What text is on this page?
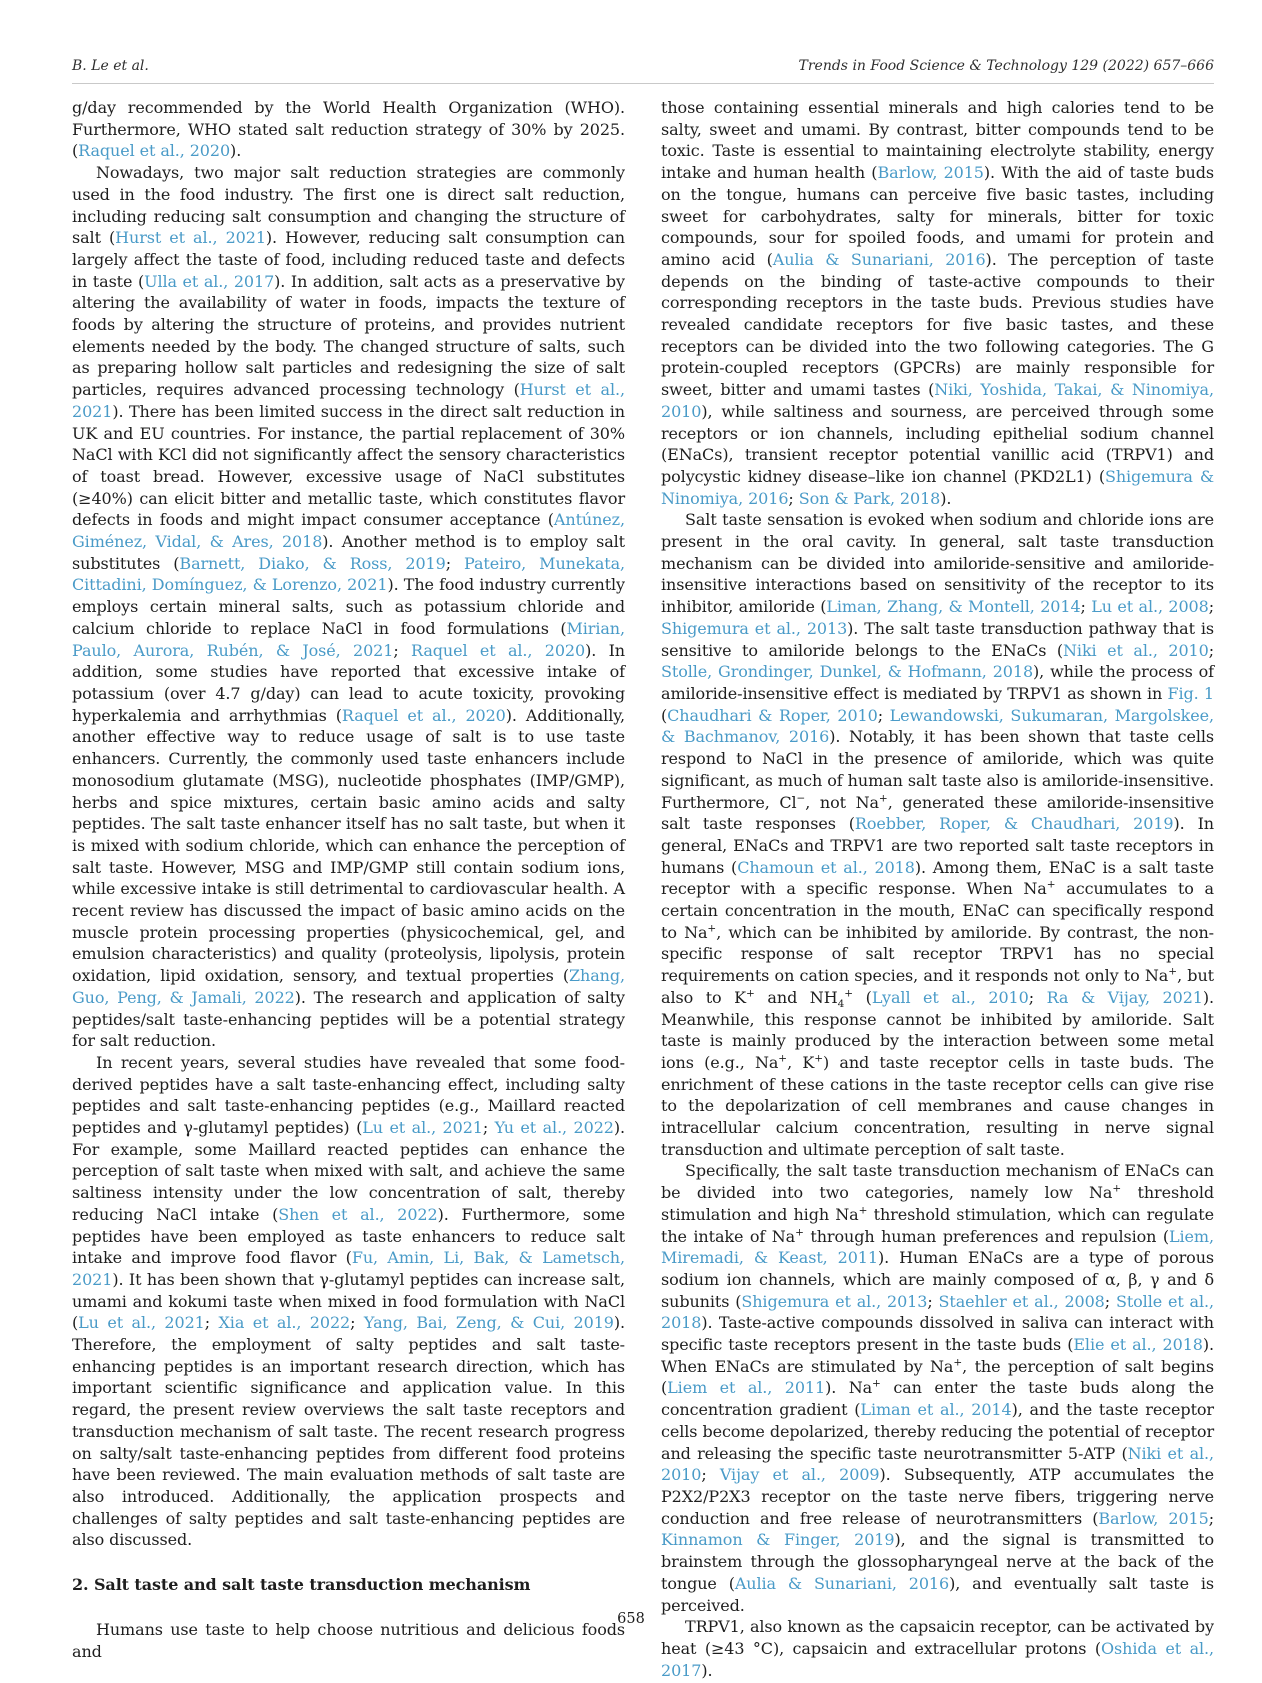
B. Le et al.	Trends in Food Science & Technology 129 (2022) 657–666

g/day recommended by the World Health Organization (WHO). Furthermore, WHO stated salt reduction strategy of 30% by 2025. (Raquel et al., 2020).

Nowadays, two major salt reduction strategies are commonly used in the food industry. The first one is direct salt reduction, including reducing salt consumption and changing the structure of salt (Hurst et al., 2021). However, reducing salt consumption can largely affect the taste of food, including reduced taste and defects in taste (Ulla et al., 2017). In addition, salt acts as a preservative by altering the availability of water in foods, impacts the texture of foods by altering the structure of proteins, and provides nutrient elements needed by the body. The changed structure of salts, such as preparing hollow salt particles and redesigning the size of salt particles, requires advanced processing technology (Hurst et al., 2021). There has been limited success in the direct salt reduction in UK and EU countries. For instance, the partial replacement of 30% NaCl with KCl did not significantly affect the sensory characteristics of toast bread. However, excessive usage of NaCl substitutes (≥40%) can elicit bitter and metallic taste, which constitutes flavor defects in foods and might impact consumer acceptance (Antúnez, Giménez, Vidal, & Ares, 2018). Another method is to employ salt substitutes (Barnett, Diako, & Ross, 2019; Pateiro, Munekata, Cittadini, Domínguez, & Lorenzo, 2021). The food industry currently employs certain mineral salts, such as potassium chloride and calcium chloride to replace NaCl in food formulations (Mirian, Paulo, Aurora, Rubén, & José, 2021; Raquel et al., 2020). In addition, some studies have reported that excessive intake of potassium (over 4.7 g/day) can lead to acute toxicity, provoking hyperkalemia and arrhythmias (Raquel et al., 2020). Additionally, another effective way to reduce usage of salt is to use taste enhancers. Currently, the commonly used taste enhancers include monosodium glutamate (MSG), nucleotide phosphates (IMP/GMP), herbs and spice mixtures, certain basic amino acids and salty peptides. The salt taste enhancer itself has no salt taste, but when it is mixed with sodium chloride, which can enhance the perception of salt taste. However, MSG and IMP/GMP still contain sodium ions, while excessive intake is still detrimental to cardiovascular health. A recent review has discussed the impact of basic amino acids on the muscle protein processing properties (physicochemical, gel, and emulsion characteristics) and quality (proteolysis, lipolysis, protein oxidation, lipid oxidation, sensory, and textual properties (Zhang, Guo, Peng, & Jamali, 2022). The research and application of salty peptides/salt taste-enhancing peptides will be a potential strategy for salt reduction.

In recent years, several studies have revealed that some food-derived peptides have a salt taste-enhancing effect, including salty peptides and salt taste-enhancing peptides (e.g., Maillard reacted peptides and γ-glutamyl peptides) (Lu et al., 2021; Yu et al., 2022). For example, some Maillard reacted peptides can enhance the perception of salt taste when mixed with salt, and achieve the same saltiness intensity under the low concentration of salt, thereby reducing NaCl intake (Shen et al., 2022). Furthermore, some peptides have been employed as taste enhancers to reduce salt intake and improve food flavor (Fu, Amin, Li, Bak, & Lametsch, 2021). It has been shown that γ-glutamyl peptides can increase salt, umami and kokumi taste when mixed in food formulation with NaCl (Lu et al., 2021; Xia et al., 2022; Yang, Bai, Zeng, & Cui, 2019). Therefore, the employment of salty peptides and salt taste-enhancing peptides is an important research direction, which has important scientific significance and application value. In this regard, the present review overviews the salt taste receptors and transduction mechanism of salt taste. The recent research progress on salty/salt taste-enhancing peptides from different food proteins have been reviewed. The main evaluation methods of salt taste are also introduced. Additionally, the application prospects and challenges of salty peptides and salt taste-enhancing peptides are also discussed.

2. Salt taste and salt taste transduction mechanism

Humans use taste to help choose nutritious and delicious foods and

those containing essential minerals and high calories tend to be salty, sweet and umami. By contrast, bitter compounds tend to be toxic. Taste is essential to maintaining electrolyte stability, energy intake and human health (Barlow, 2015). With the aid of taste buds on the tongue, humans can perceive five basic tastes, including sweet for carbohydrates, salty for minerals, bitter for toxic compounds, sour for spoiled foods, and umami for protein and amino acid (Aulia & Sunariani, 2016). The perception of taste depends on the binding of taste-active compounds to their corresponding receptors in the taste buds. Previous studies have revealed candidate receptors for five basic tastes, and these receptors can be divided into the two following categories. The G protein-coupled receptors (GPCRs) are mainly responsible for sweet, bitter and umami tastes (Niki, Yoshida, Takai, & Ninomiya, 2010), while saltiness and sourness, are perceived through some receptors or ion channels, including epithelial sodium channel (ENaCs), transient receptor potential vanillic acid (TRPV1) and polycystic kidney disease–like ion channel (PKD2L1) (Shigemura & Ninomiya, 2016; Son & Park, 2018).

Salt taste sensation is evoked when sodium and chloride ions are present in the oral cavity. In general, salt taste transduction mechanism can be divided into amiloride-sensitive and amiloride-insensitive interactions based on sensitivity of the receptor to its inhibitor, amiloride (Liman, Zhang, & Montell, 2014; Lu et al., 2008; Shigemura et al., 2013). The salt taste transduction pathway that is sensitive to amiloride belongs to the ENaCs (Niki et al., 2010; Stolle, Grondinger, Dunkel, & Hofmann, 2018), while the process of amiloride-insensitive effect is mediated by TRPV1 as shown in Fig. 1 (Chaudhari & Roper, 2010; Lewandowski, Sukumaran, Margolskee, & Bachmanov, 2016). Notably, it has been shown that taste cells respond to NaCl in the presence of amiloride, which was quite significant, as much of human salt taste also is amiloride-insensitive. Furthermore, Cl−, not Na+, generated these amiloride-insensitive salt taste responses (Roebber, Roper, & Chaudhari, 2019). In general, ENaCs and TRPV1 are two reported salt taste receptors in humans (Chamoun et al., 2018). Among them, ENaC is a salt taste receptor with a specific response. When Na+ accumulates to a certain concentration in the mouth, ENaC can specifically respond to Na+, which can be inhibited by amiloride. By contrast, the non-specific response of salt receptor TRPV1 has no special requirements on cation species, and it responds not only to Na+, but also to K+ and $NH_4^+$ (Lyall et al., 2010; Ra & Vijay, 2021). Meanwhile, this response cannot be inhibited by amiloride. Salt taste is mainly produced by the interaction between some metal ions (e.g., Na+, K+) and taste receptor cells in taste buds. The enrichment of these cations in the taste receptor cells can give rise to the depolarization of cell membranes and cause changes in intracellular calcium concentration, resulting in nerve signal transduction and ultimate perception of salt taste.

Specifically, the salt taste transduction mechanism of ENaCs can be divided into two categories, namely low Na+ threshold stimulation and high Na+ threshold stimulation, which can regulate the intake of Na+ through human preferences and repulsion (Liem, Miremadi, & Keast, 2011). Human ENaCs are a type of porous sodium ion channels, which are mainly composed of α, β, γ and δ subunits (Shigemura et al., 2013; Staehler et al., 2008; Stolle et al., 2018). Taste-active compounds dissolved in saliva can interact with specific taste receptors present in the taste buds (Elie et al., 2018). When ENaCs are stimulated by Na+, the perception of salt begins (Liem et al., 2011). Na+ can enter the taste buds along the concentration gradient (Liman et al., 2014), and the taste receptor cells become depolarized, thereby reducing the potential of receptor and releasing the specific taste neurotransmitter 5-ATP (Niki et al., 2010; Vijay et al., 2009). Subsequently, ATP accumulates the P2X2/P2X3 receptor on the taste nerve fibers, triggering nerve conduction and free release of neurotransmitters (Barlow, 2015; Kinnamon & Finger, 2019), and the signal is transmitted to brainstem through the glossopharyngeal nerve at the back of the tongue (Aulia & Sunariani, 2016), and eventually salt taste is perceived.

TRPV1, also known as the capsaicin receptor, can be activated by heat (≥43 °C), capsaicin and extracellular protons (Oshida et al., 2017).

658
